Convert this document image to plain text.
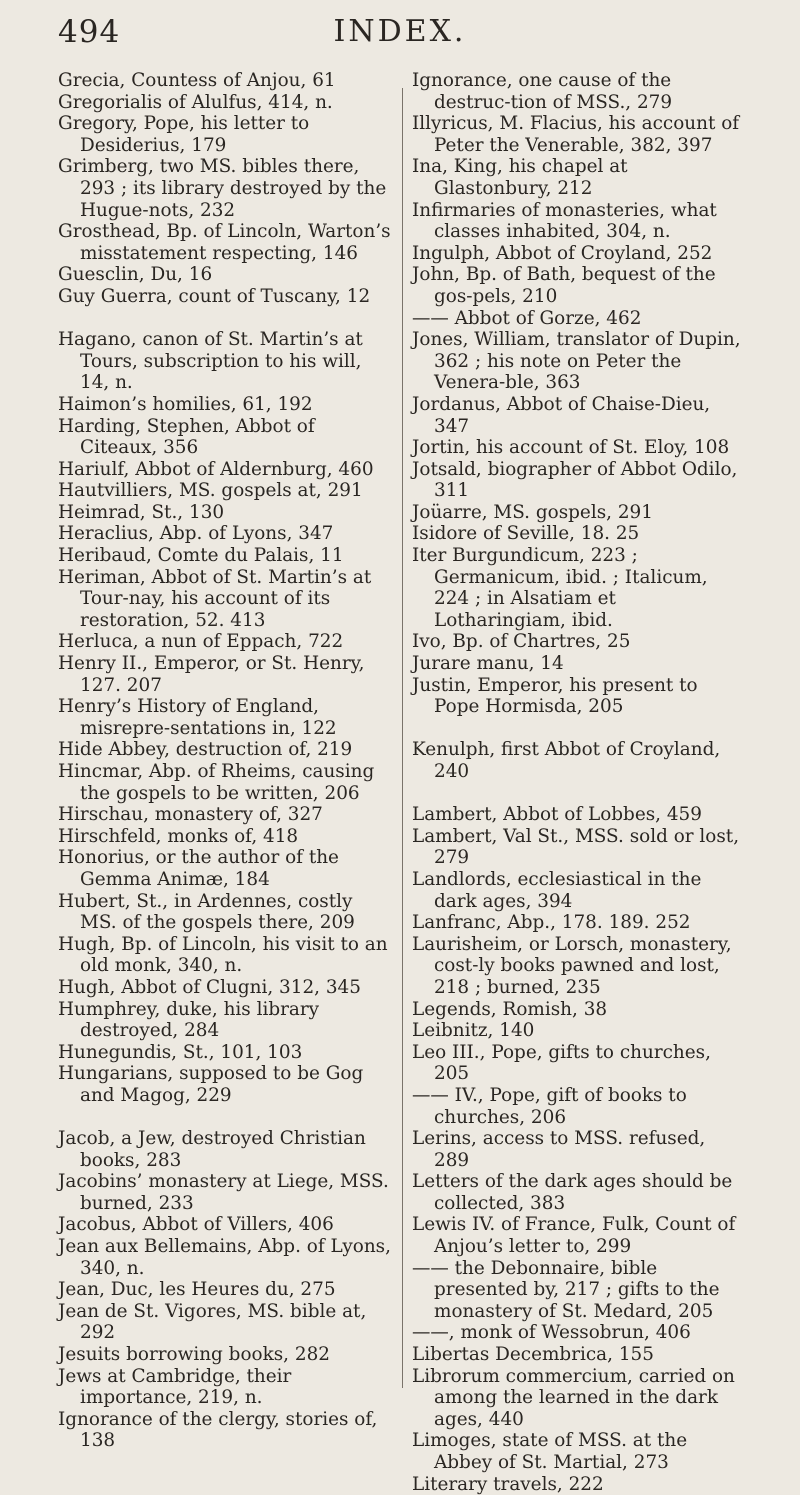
494	INDEX.
Grecia, Countess of Anjou, 61
Gregorialis of Alulfus, 414, n.
Gregory, Pope, his letter to Desiderius, 179
Grimberg, two MS. bibles there, 293 ; its library destroyed by the Hugue-nots, 232
Grosthead, Bp. of Lincoln, Warton’s misstatement respecting, 146
Guesclin, Du, 16
Guy Guerra, count of Tuscany, 12
Hagano, canon of St. Martin’s at Tours, subscription to his will, 14, n.
Haimon’s homilies, 61, 192
Harding, Stephen, Abbot of Citeaux, 356
Hariulf, Abbot of Aldernburg, 460
Hautvilliers, MS. gospels at, 291
Heimrad, St., 130
Heraclius, Abp. of Lyons, 347
Heribaud, Comte du Palais, 11
Heriman, Abbot of St. Martin’s at Tour-nay, his account of its restoration, 52. 413
Herluca, a nun of Eppach, 722
Henry II., Emperor, or St. Henry, 127. 207
Henry’s History of England, misrepre-sentations in, 122
Hide Abbey, destruction of, 219
Hincmar, Abp. of Rheims, causing the gospels to be written, 206
Hirschau, monastery of, 327
Hirschfeld, monks of, 418
Honorius, or the author of the Gemma Animæ, 184
Hubert, St., in Ardennes, costly MS. of the gospels there, 209
Hugh, Bp. of Lincoln, his visit to an old monk, 340, n.
Hugh, Abbot of Clugni, 312, 345
Humphrey, duke, his library destroyed, 284
Hunegundis, St., 101, 103
Hungarians, supposed to be Gog and Magog, 229
Jacob, a Jew, destroyed Christian books, 283
Jacobins’ monastery at Liege, MSS. burned, 233
Jacobus, Abbot of Villers, 406
Jean aux Bellemains, Abp. of Lyons, 340, n.
Jean, Duc, les Heures du, 275
Jean de St. Vigores, MS. bible at, 292
Jesuits borrowing books, 282
Jews at Cambridge, their importance, 219, n.
Ignorance of the clergy, stories of, 138
Ignorance, one cause of the destruc-tion of MSS., 279
Illyricus, M. Flacius, his account of Peter the Venerable, 382, 397
Ina, King, his chapel at Glastonbury, 212
Infirmaries of monasteries, what classes inhabited, 304, n.
Ingulph, Abbot of Croyland, 252
John, Bp. of Bath, bequest of the gos-pels, 210
—— Abbot of Gorze, 462
Jones, William, translator of Dupin, 362 ; his note on Peter the Venera-ble, 363
Jordanus, Abbot of Chaise-Dieu, 347
Jortin, his account of St. Eloy, 108
Jotsald, biographer of Abbot Odilo, 311
Joüarre, MS. gospels, 291
Isidore of Seville, 18. 25
Iter Burgundicum, 223 ; Germanicum, ibid. ; Italicum, 224 ; in Alsatiam et Lotharingiam, ibid.
Ivo, Bp. of Chartres, 25
Jurare manu, 14
Justin, Emperor, his present to Pope Hormisda, 205
Kenulph, first Abbot of Croyland, 240
Lambert, Abbot of Lobbes, 459
Lambert, Val St., MSS. sold or lost, 279
Landlords, ecclesiastical in the dark ages, 394
Lanfranc, Abp., 178. 189. 252
Laurisheim, or Lorsch, monastery, cost-ly books pawned and lost, 218 ; burned, 235
Legends, Romish, 38
Leibnitz, 140
Leo III., Pope, gifts to churches, 205
—— IV., Pope, gift of books to churches, 206
Lerins, access to MSS. refused, 289
Letters of the dark ages should be collected, 383
Lewis IV. of France, Fulk, Count of Anjou’s letter to, 299
—— the Debonnaire, bible presented by, 217 ; gifts to the monastery of St. Medard, 205
——, monk of Wessobrun, 406
Libertas Decembrica, 155
Librorum commercium, carried on among the learned in the dark ages, 440
Limoges, state of MSS. at the Abbey of St. Martial, 273
Literary travels, 222
